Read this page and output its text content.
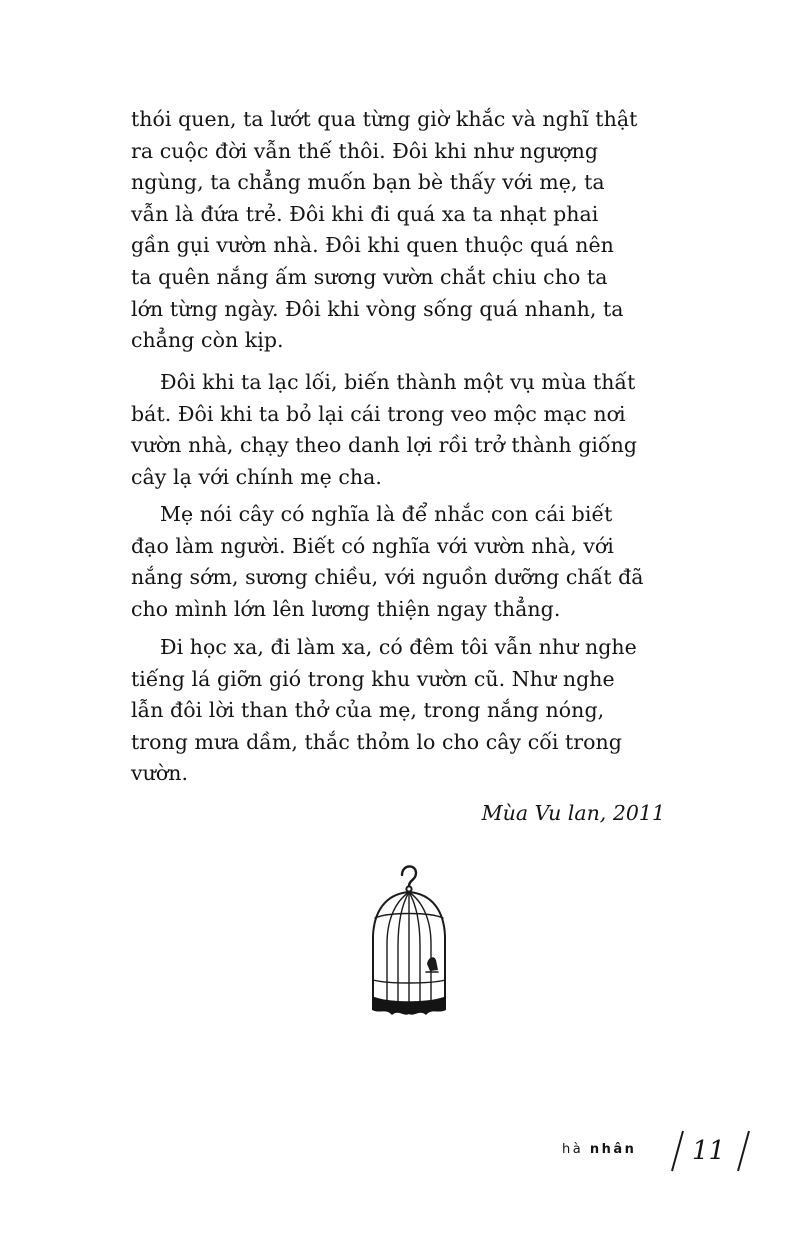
thói quen, ta lướt qua từng giờ khắc và nghĩ thật
ra cuộc đời vẫn thế thôi. Đôi khi như ngượng
ngùng, ta chẳng muốn bạn bè thấy với mẹ, ta
vẫn là đứa trẻ. Đôi khi đi quá xa ta nhạt phai
gần gụi vườn nhà. Đôi khi quen thuộc quá nên
ta quên nắng ấm sương vườn chắt chiu cho ta
lớn từng ngày. Đôi khi vòng sống quá nhanh, ta
chẳng còn kịp.

Đôi khi ta lạc lối, biến thành một vụ mùa thất
bát. Đôi khi ta bỏ lại cái trong veo mộc mạc nơi
vườn nhà, chạy theo danh lợi rồi trở thành giống
cây lạ với chính mẹ cha.

Mẹ nói cây có nghĩa là để nhắc con cái biết
đạo làm người. Biết có nghĩa với vườn nhà, với
nắng sớm, sương chiều, với nguồn dưỡng chất đã
cho mình lớn lên lương thiện ngay thẳng.

Đi học xa, đi làm xa, có đêm tôi vẫn như nghe
tiếng lá giỡn gió trong khu vườn cũ. Như nghe
lẫn đôi lời than thở của mẹ, trong nắng nóng,
trong mưa dầm, thắc thỏm lo cho cây cối trong
vườn.

Mùa Vu lan, 2011
hà nhân 11
